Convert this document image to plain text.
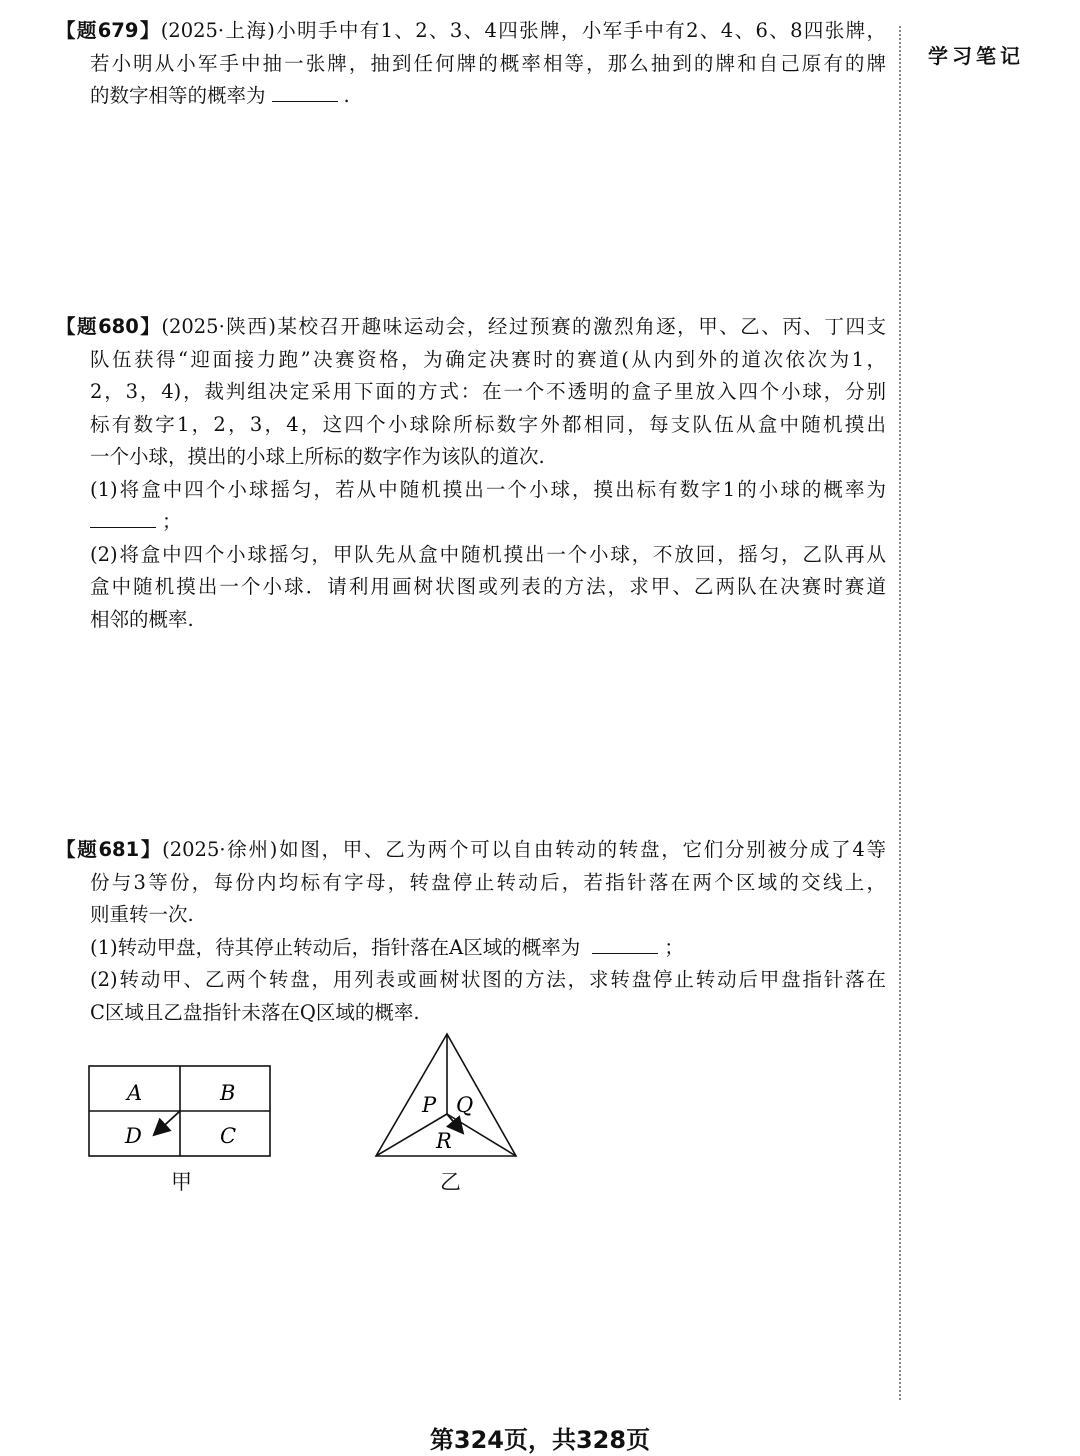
学习笔记
【题679】(2025·上海)小明手中有1、2、3、4四张牌，小军手中有2、4、6、8四张牌，
若小明从小军手中抽一张牌，抽到任何牌的概率相等，那么抽到的牌和自己原有的牌
的数字相等的概率为	.
【题680】(2025·陕西)某校召开趣味运动会，经过预赛的激烈角逐，甲、乙、丙、丁四支
队伍获得“迎面接力跑”决赛资格，为确定决赛时的赛道(从内到外的道次依次为1，
2，3，4)，裁判组决定采用下面的方式：在一个不透明的盒子里放入四个小球，分别
标有数字1，2，3，4，这四个小球除所标数字外都相同，每支队伍从盒中随机摸出
一个小球，摸出的小球上所标的数字作为该队的道次.
(1)将盒中四个小球摇匀，若从中随机摸出一个小球，摸出标有数字1的小球的概率为
；
(2)将盒中四个小球摇匀，甲队先从盒中随机摸出一个小球，不放回，摇匀，乙队再从
盒中随机摸出一个小球．请利用画树状图或列表的方法，求甲、乙两队在决赛时赛道
相邻的概率.
【题681】(2025·徐州)如图，甲、乙为两个可以自由转动的转盘，它们分别被分成了4等
份与3等份，每份内均标有字母，转盘停止转动后，若指针落在两个区域的交线上，
则重转一次.
(1)转动甲盘，待其停止转动后，指针落在A区域的概率为	；
(2)转动甲、乙两个转盘，用列表或画树状图的方法，求转盘停止转动后甲盘指针落在
C区域且乙盘指针未落在Q区域的概率.
A	B
D	C
甲
P Q
R
乙
第324页，共328页
